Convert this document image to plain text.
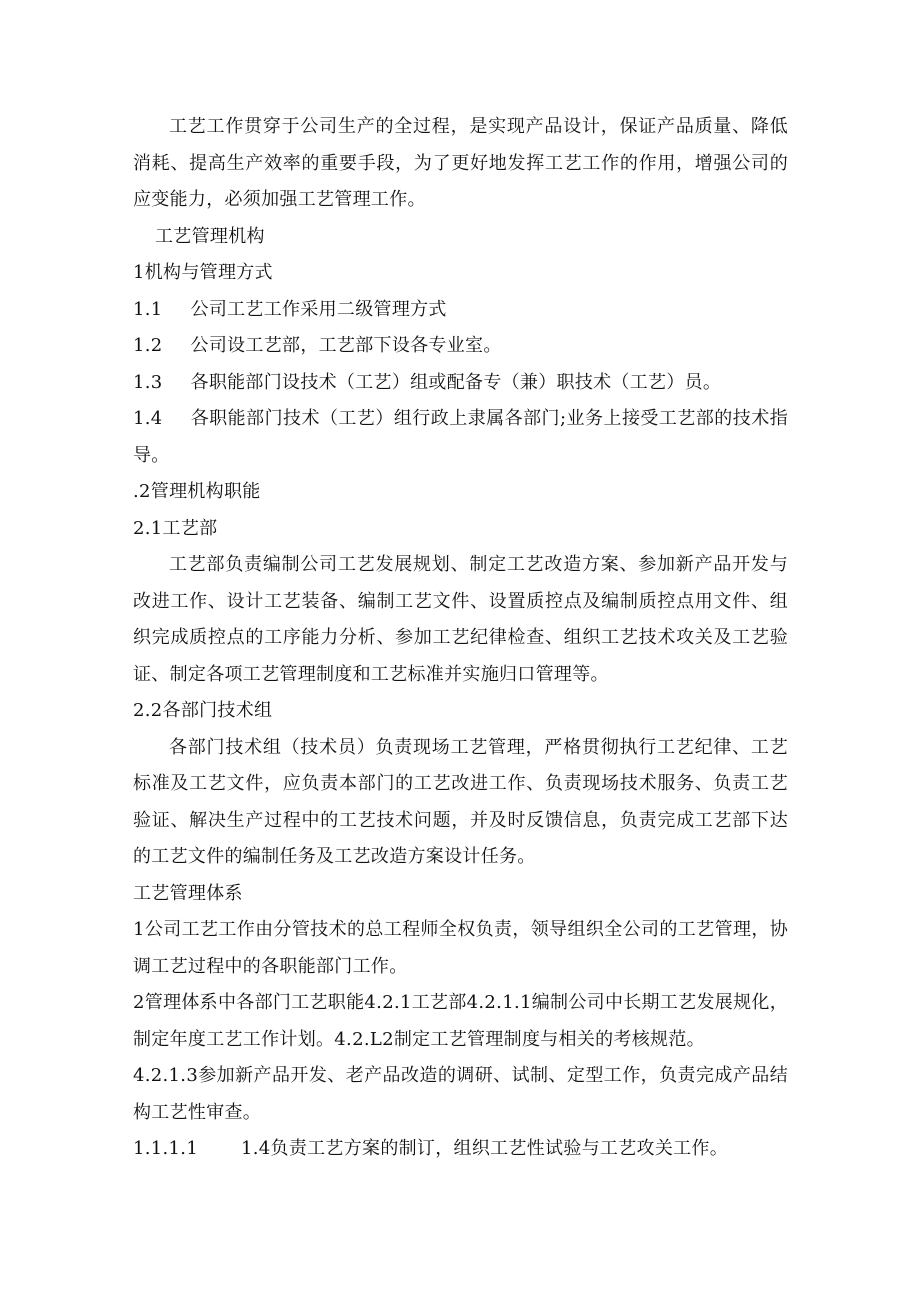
工艺工作贯穿于公司生产的全过程，是实现产品设计，保证产品质量、降低消耗、提高生产效率的重要手段，为了更好地发挥工艺工作的作用，增强公司的应变能力，必须加强工艺管理工作。

工艺管理机构

1机构与管理方式

1.1 公司工艺工作采用二级管理方式

1.2 公司设工艺部，工艺部下设各专业室。

1.3 各职能部门设技术（工艺）组或配备专（兼）职技术（工艺）员。

1.4 各职能部门技术（工艺）组行政上隶属各部门;业务上接受工艺部的技术指导。

.2管理机构职能

2.1工艺部

工艺部负责编制公司工艺发展规划、制定工艺改造方案、参加新产品开发与改进工作、设计工艺装备、编制工艺文件、设置质控点及编制质控点用文件、组织完成质控点的工序能力分析、参加工艺纪律检查、组织工艺技术攻关及工艺验证、制定各项工艺管理制度和工艺标准并实施归口管理等。

2.2各部门技术组

各部门技术组（技术员）负责现场工艺管理，严格贯彻执行工艺纪律、工艺标准及工艺文件，应负责本部门的工艺改进工作、负责现场技术服务、负责工艺验证、解决生产过程中的工艺技术问题，并及时反馈信息，负责完成工艺部下达的工艺文件的编制任务及工艺改造方案设计任务。

工艺管理体系

1公司工艺工作由分管技术的总工程师全权负责，领导组织全公司的工艺管理，协调工艺过程中的各职能部门工作。

2管理体系中各部门工艺职能4.2.1工艺部4.2.1.1编制公司中长期工艺发展规化，制定年度工艺工作计划。4.2.L2制定工艺管理制度与相关的考核规范。

4.2.1.3参加新产品开发、老产品改造的调研、试制、定型工作，负责完成产品结构工艺性审查。

1.1.1.1 1.4负责工艺方案的制订，组织工艺性试验与工艺攻关工作。
